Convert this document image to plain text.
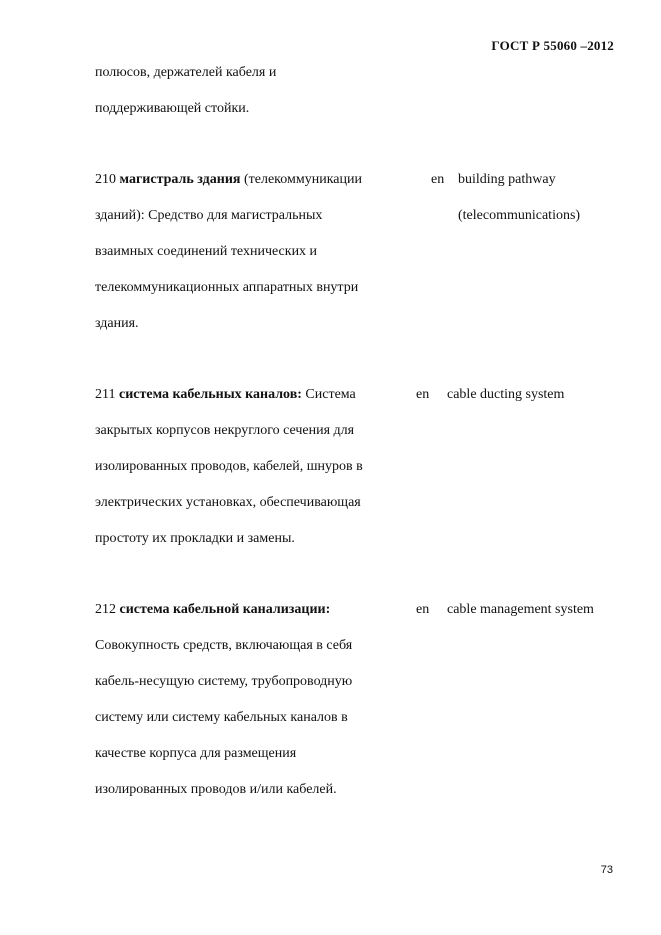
ГОСТ Р 55060 –2012
полюсов, держателей кабеля и
поддерживающей стойки.
210 магистраль здания (телекоммуникации
зданий): Средство для магистральных
взаимных соединений технических и
телекоммуникационных аппаратных внутри
здания.
en building pathway
(telecommunications)
211 система кабельных каналов: Система
закрытых корпусов некруглого сечения для
изолированных проводов, кабелей, шнуров в
электрических установках, обеспечивающая
простоту их прокладки и замены.
en cable ducting system
212 система кабельной канализации:
Совокупность средств, включающая в себя
кабель-несущую систему, трубопроводную
систему или систему кабельных каналов в
качестве корпуса для размещения
изолированных проводов и/или кабелей.
en cable management system
73
